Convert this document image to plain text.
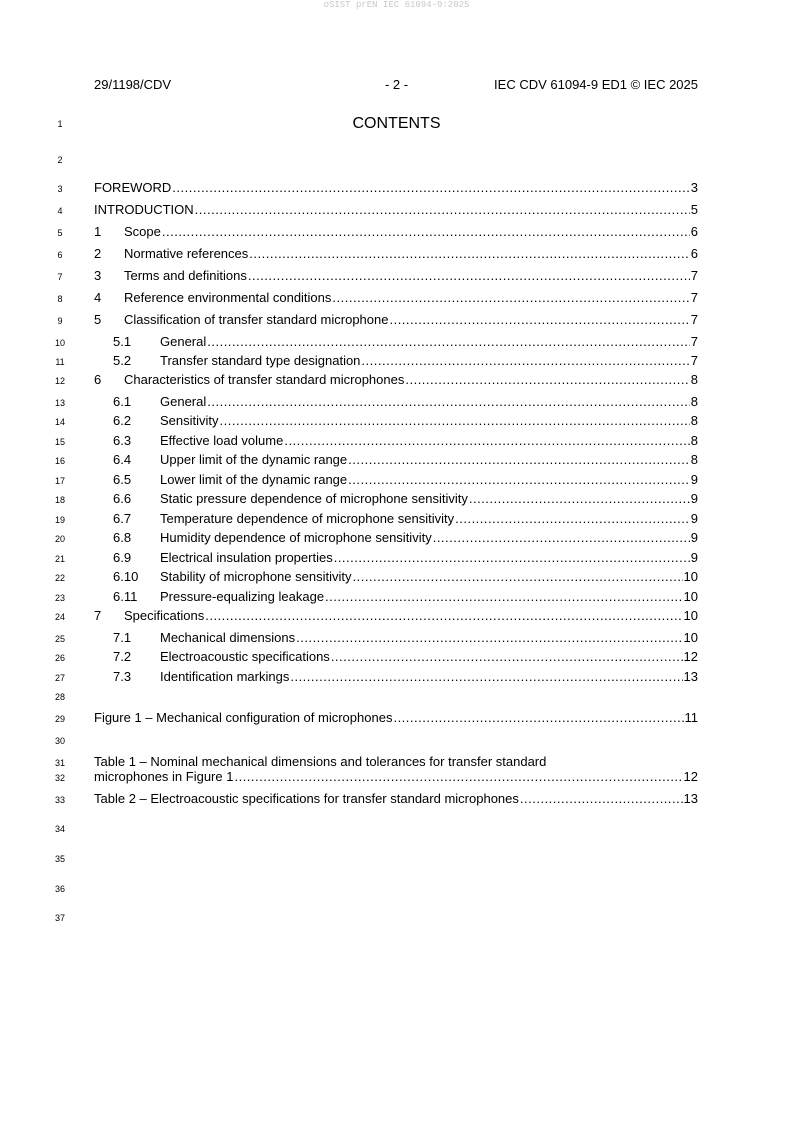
oSIST prEN IEC 61094-9:2025
29/1198/CDV	- 2 -	IEC CDV 61094-9 ED1 © IEC 2025
CONTENTS
1
2
3
4
5
6
7
8
9
10
11
12
13
14
15
16
17
18
19
20
21
22
23
24
25
26
27
28
29
30
31
32
33
34
35
36
37
FOREWORD .....	3
INTRODUCTION .....	5
1	Scope .....	6
2	Normative references .....	6
3	Terms and definitions .....	7
4	Reference environmental conditions .....	7
5	Classification of transfer standard microphone .....	7
5.1	General .....	7
5.2	Transfer standard type designation .....	7
6	Characteristics of transfer standard microphones .....	8
6.1	General .....	8
6.2	Sensitivity .....	8
6.3	Effective load volume .....	8
6.4	Upper limit of the dynamic range .....	8
6.5	Lower limit of the dynamic range .....	9
6.6	Static pressure dependence of microphone sensitivity .....	9
6.7	Temperature dependence of microphone sensitivity .....	9
6.8	Humidity dependence of microphone sensitivity .....	9
6.9	Electrical insulation properties .....	9
6.10	Stability of microphone sensitivity .....	10
6.11	Pressure-equalizing leakage .....	10
7	Specifications .....	10
7.1	Mechanical dimensions .....	10
7.2	Electroacoustic specifications .....	12
7.3	Identification markings .....	13
Figure 1 – Mechanical configuration of microphones .....	11
Table 1 – Nominal mechanical dimensions and tolerances for transfer standard
microphones in Figure 1 .....	12
Table 2 – Electroacoustic specifications for transfer standard microphones .....	13
